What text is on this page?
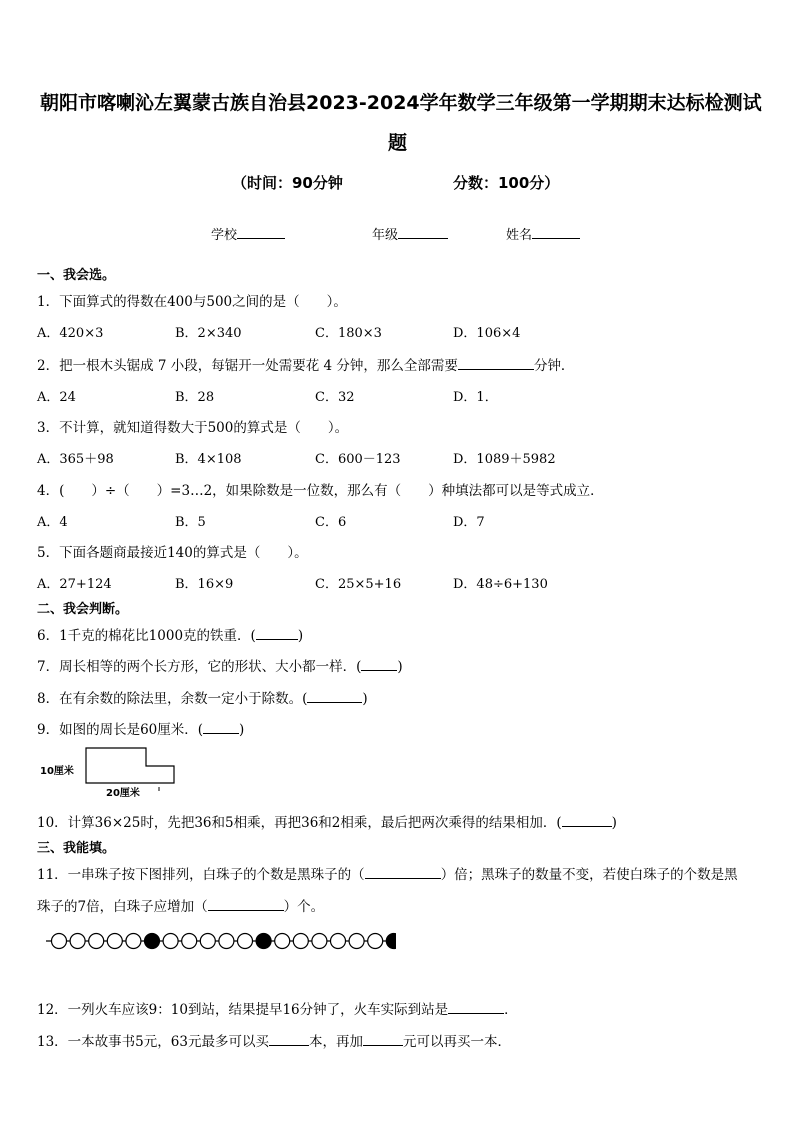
朝阳市喀喇沁左翼蒙古族自治县2023-2024学年数学三年级第一学期期末达标检测试
题
（时间：90分钟	分数：100分）
学校	年级	姓名
一、我会选。
1．下面算式的得数在400与500之间的是（　　）。
A．420×3	B．2×340	C．180×3	D．106×4
2．把一根木头锯成 7 小段，每锯开一处需要花 4 分钟，那么全部需要	分钟．
A．24	B．28	C．32	D．1．
3．不计算，就知道得数大于500的算式是（　　）。
A．365＋98	B．4×108	C．600－123	D．1089＋5982
4．(　　）÷（　　）=3…2，如果除数是一位数，那么有（　　）种填法都可以是等式成立．
A．4	B．5	C．6	D．7
5．下面各题商最接近140的算式是（　　）。
A．27+124	B．16×9	C．25×5+16	D．48÷6+130
二、我会判断。
6．1千克的棉花比1000克的铁重．(	)
7．周长相等的两个长方形，它的形状、大小都一样．(	)
8．在有余数的除法里，余数一定小于除数。(	)
9．如图的周长是60厘米．(	)
10厘米
20厘米
10．计算36×25时，先把36和5相乘，再把36和2相乘，最后把两次乘得的结果相加．(	)
三、我能填。
11．一串珠子按下图排列，白珠子的个数是黑珠子的（	）倍；黑珠子的数量不变，若使白珠子的个数是黑
珠子的7倍，白珠子应增加（	）个。
12．一列火车应该9：10到站，结果提早16分钟了，火车实际到站是	．
13．一本故事书5元，63元最多可以买	本，再加	元可以再买一本．
